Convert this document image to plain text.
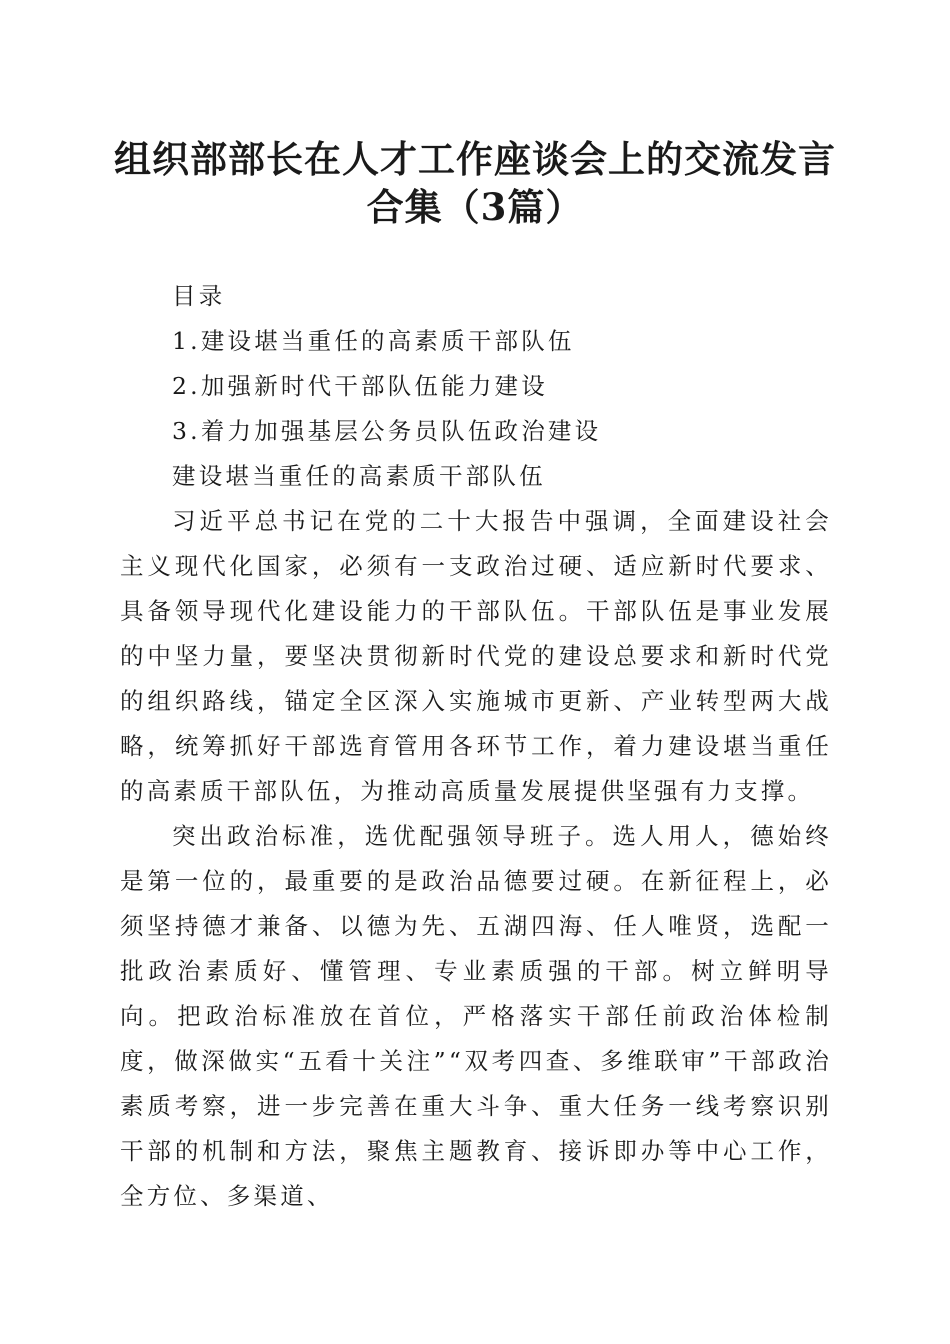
组织部部长在人才工作座谈会上的交流发言合集（3篇）

目录

1.建设堪当重任的高素质干部队伍

2.加强新时代干部队伍能力建设

3.着力加强基层公务员队伍政治建设

建设堪当重任的高素质干部队伍

习近平总书记在党的二十大报告中强调，全面建设社会主义现代化国家，必须有一支政治过硬、适应新时代要求、具备领导现代化建设能力的干部队伍。干部队伍是事业发展的中坚力量，要坚决贯彻新时代党的建设总要求和新时代党的组织路线，锚定全区深入实施城市更新、产业转型两大战略，统筹抓好干部选育管用各环节工作，着力建设堪当重任的高素质干部队伍，为推动高质量发展提供坚强有力支撑。

突出政治标准，选优配强领导班子。选人用人，德始终是第一位的，最重要的是政治品德要过硬。在新征程上，必须坚持德才兼备、以德为先、五湖四海、任人唯贤，选配一批政治素质好、懂管理、专业素质强的干部。树立鲜明导向。把政治标准放在首位，严格落实干部任前政治体检制度，做深做实“五看十关注”“双考四查、多维联审”干部政治素质考察，进一步完善在重大斗争、重大任务一线考察识别干部的机制和方法，聚焦主题教育、接诉即办等中心工作，全方位、多渠道、
